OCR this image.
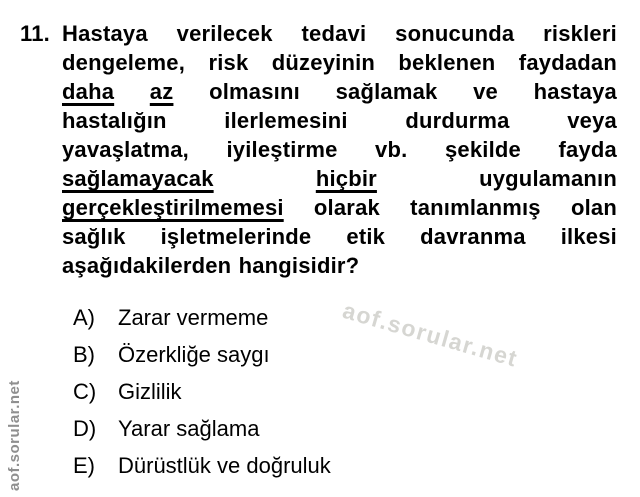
11. Hastaya verilecek tedavi sonucunda riskleri
dengeleme, risk düzeyinin beklenen faydadan
daha az olmasını sağlamak ve hastaya
hastalığın	ilerlemesini	durdurma	veya
yavaşlatma, iyileştirme vb. şekilde fayda
sağlamayacak	hiçbir	uygulamanın
gerçekleştirilmemesi olarak tanımlanmış olan
sağlık işletmelerinde etik davranma ilkesi
aşağıdakilerden hangisidir?
A)	Zarar vermeme
B)	Özerkliğe saygı
C) Gizlilik
D) Yarar sağlama
E)	Dürüstlük ve doğruluk
aof.sorular.net
aof.sorular.net
